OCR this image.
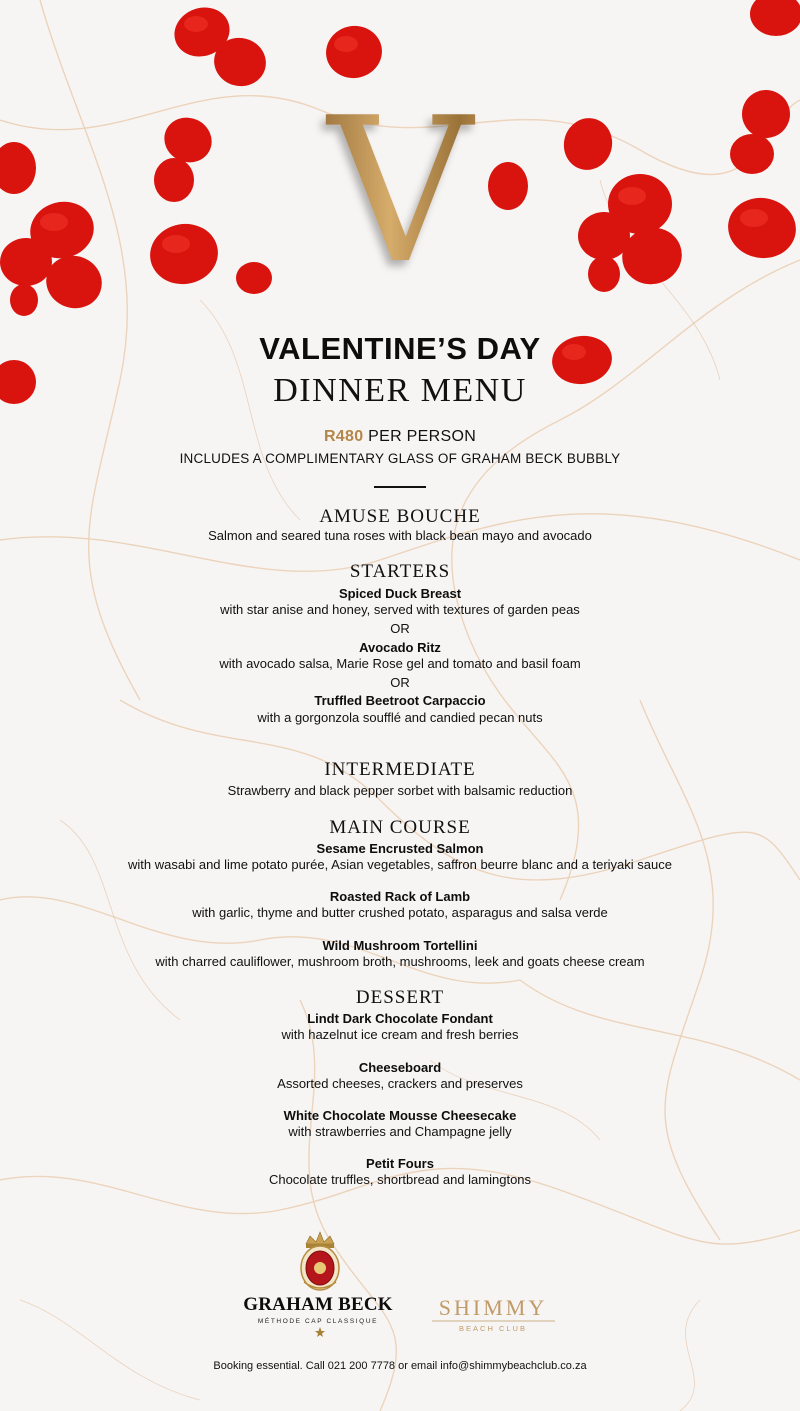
V
VALENTINE’S DAY
DINNER MENU
R480 PER PERSON
INCLUDES A COMPLIMENTARY GLASS OF GRAHAM BECK BUBBLY
AMUSE BOUCHE
Salmon and seared tuna roses with black bean mayo and avocado
STARTERS
Spiced Duck Breast
with star anise and honey, served with textures of garden peas
OR
Avocado Ritz
with avocado salsa, Marie Rose gel and tomato and basil foam
OR
Truffled Beetroot Carpaccio
with a gorgonzola soufflé and candied pecan nuts
INTERMEDIATE
Strawberry and black pepper sorbet with balsamic reduction
MAIN COURSE
Sesame Encrusted Salmon
with wasabi and lime potato purée, Asian vegetables, saffron beurre blanc and a teriyaki sauce
Roasted Rack of Lamb
with garlic, thyme and butter crushed potato, asparagus and salsa verde
Wild Mushroom Tortellini
with charred cauliflower, mushroom broth, mushrooms, leek and goats cheese cream
DESSERT
Lindt Dark Chocolate Fondant
with hazelnut ice cream and fresh berries
Cheeseboard
Assorted cheeses, crackers and preserves
White Chocolate Mousse Cheesecake
with strawberries and Champagne jelly
Petit Fours
Chocolate truffles, shortbread and lamingtons
GRAHAM BECK
MÉTHODE CAP CLASSIQUE
SHIMMY
BEACH CLUB
Booking essential. Call 021 200 7778 or email info@shimmybeachclub.co.za
